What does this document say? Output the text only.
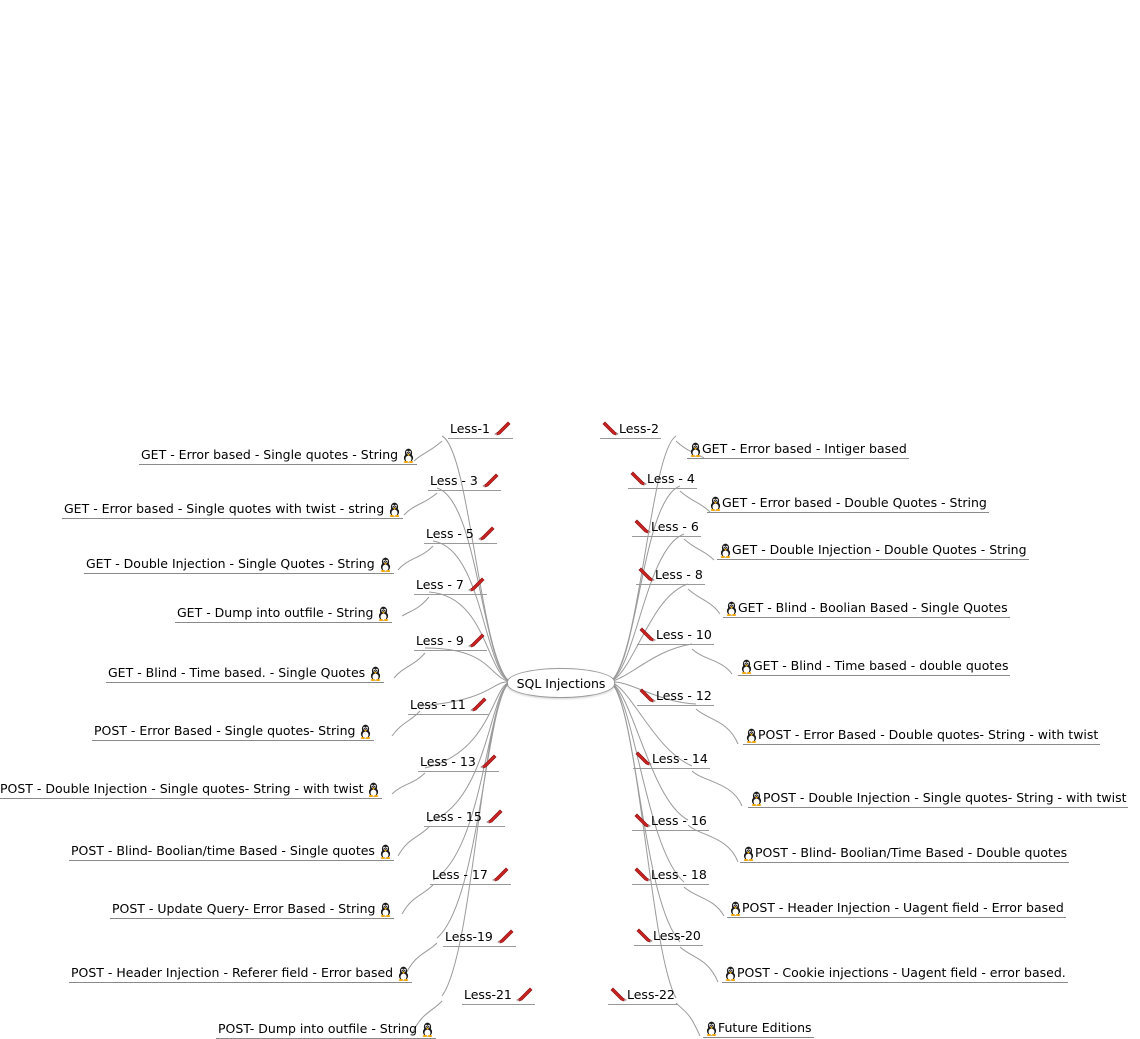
SQL Injections
Less-1
GET - Error based - Single quotes - String
Less - 3
GET - Error based - Single quotes with twist - string
Less - 5
GET - Double Injection - Single Quotes - String
Less - 7
GET - Dump into outfile - String
Less - 9
GET - Blind - Time based. - Single Quotes
Less - 11
POST - Error Based - Single quotes- String
Less - 13
POST - Double Injection - Single quotes- String - with twist
Less - 15
POST - Blind- Boolian/time Based - Single quotes
Less - 17
POST - Update Query- Error Based - String
Less-19
POST - Header Injection - Referer field - Error based
Less-21
POST- Dump into outfile - String
Less-2
GET - Error based - Intiger based
Less - 4
GET - Error based - Double Quotes - String
Less - 6
GET - Double Injection - Double Quotes - String
Less - 8
GET - Blind - Boolian Based - Single Quotes
Less - 10
GET - Blind - Time based - double quotes
Less - 12
POST - Error Based - Double quotes- String - with twist
Less - 14
POST - Double Injection - Single quotes- String - with twist
Less - 16
POST - Blind- Boolian/Time Based - Double quotes
Less - 18
POST - Header Injection - Uagent field - Error based
Less-20
POST - Cookie injections - Uagent field - error based.
Less-22
Future Editions
